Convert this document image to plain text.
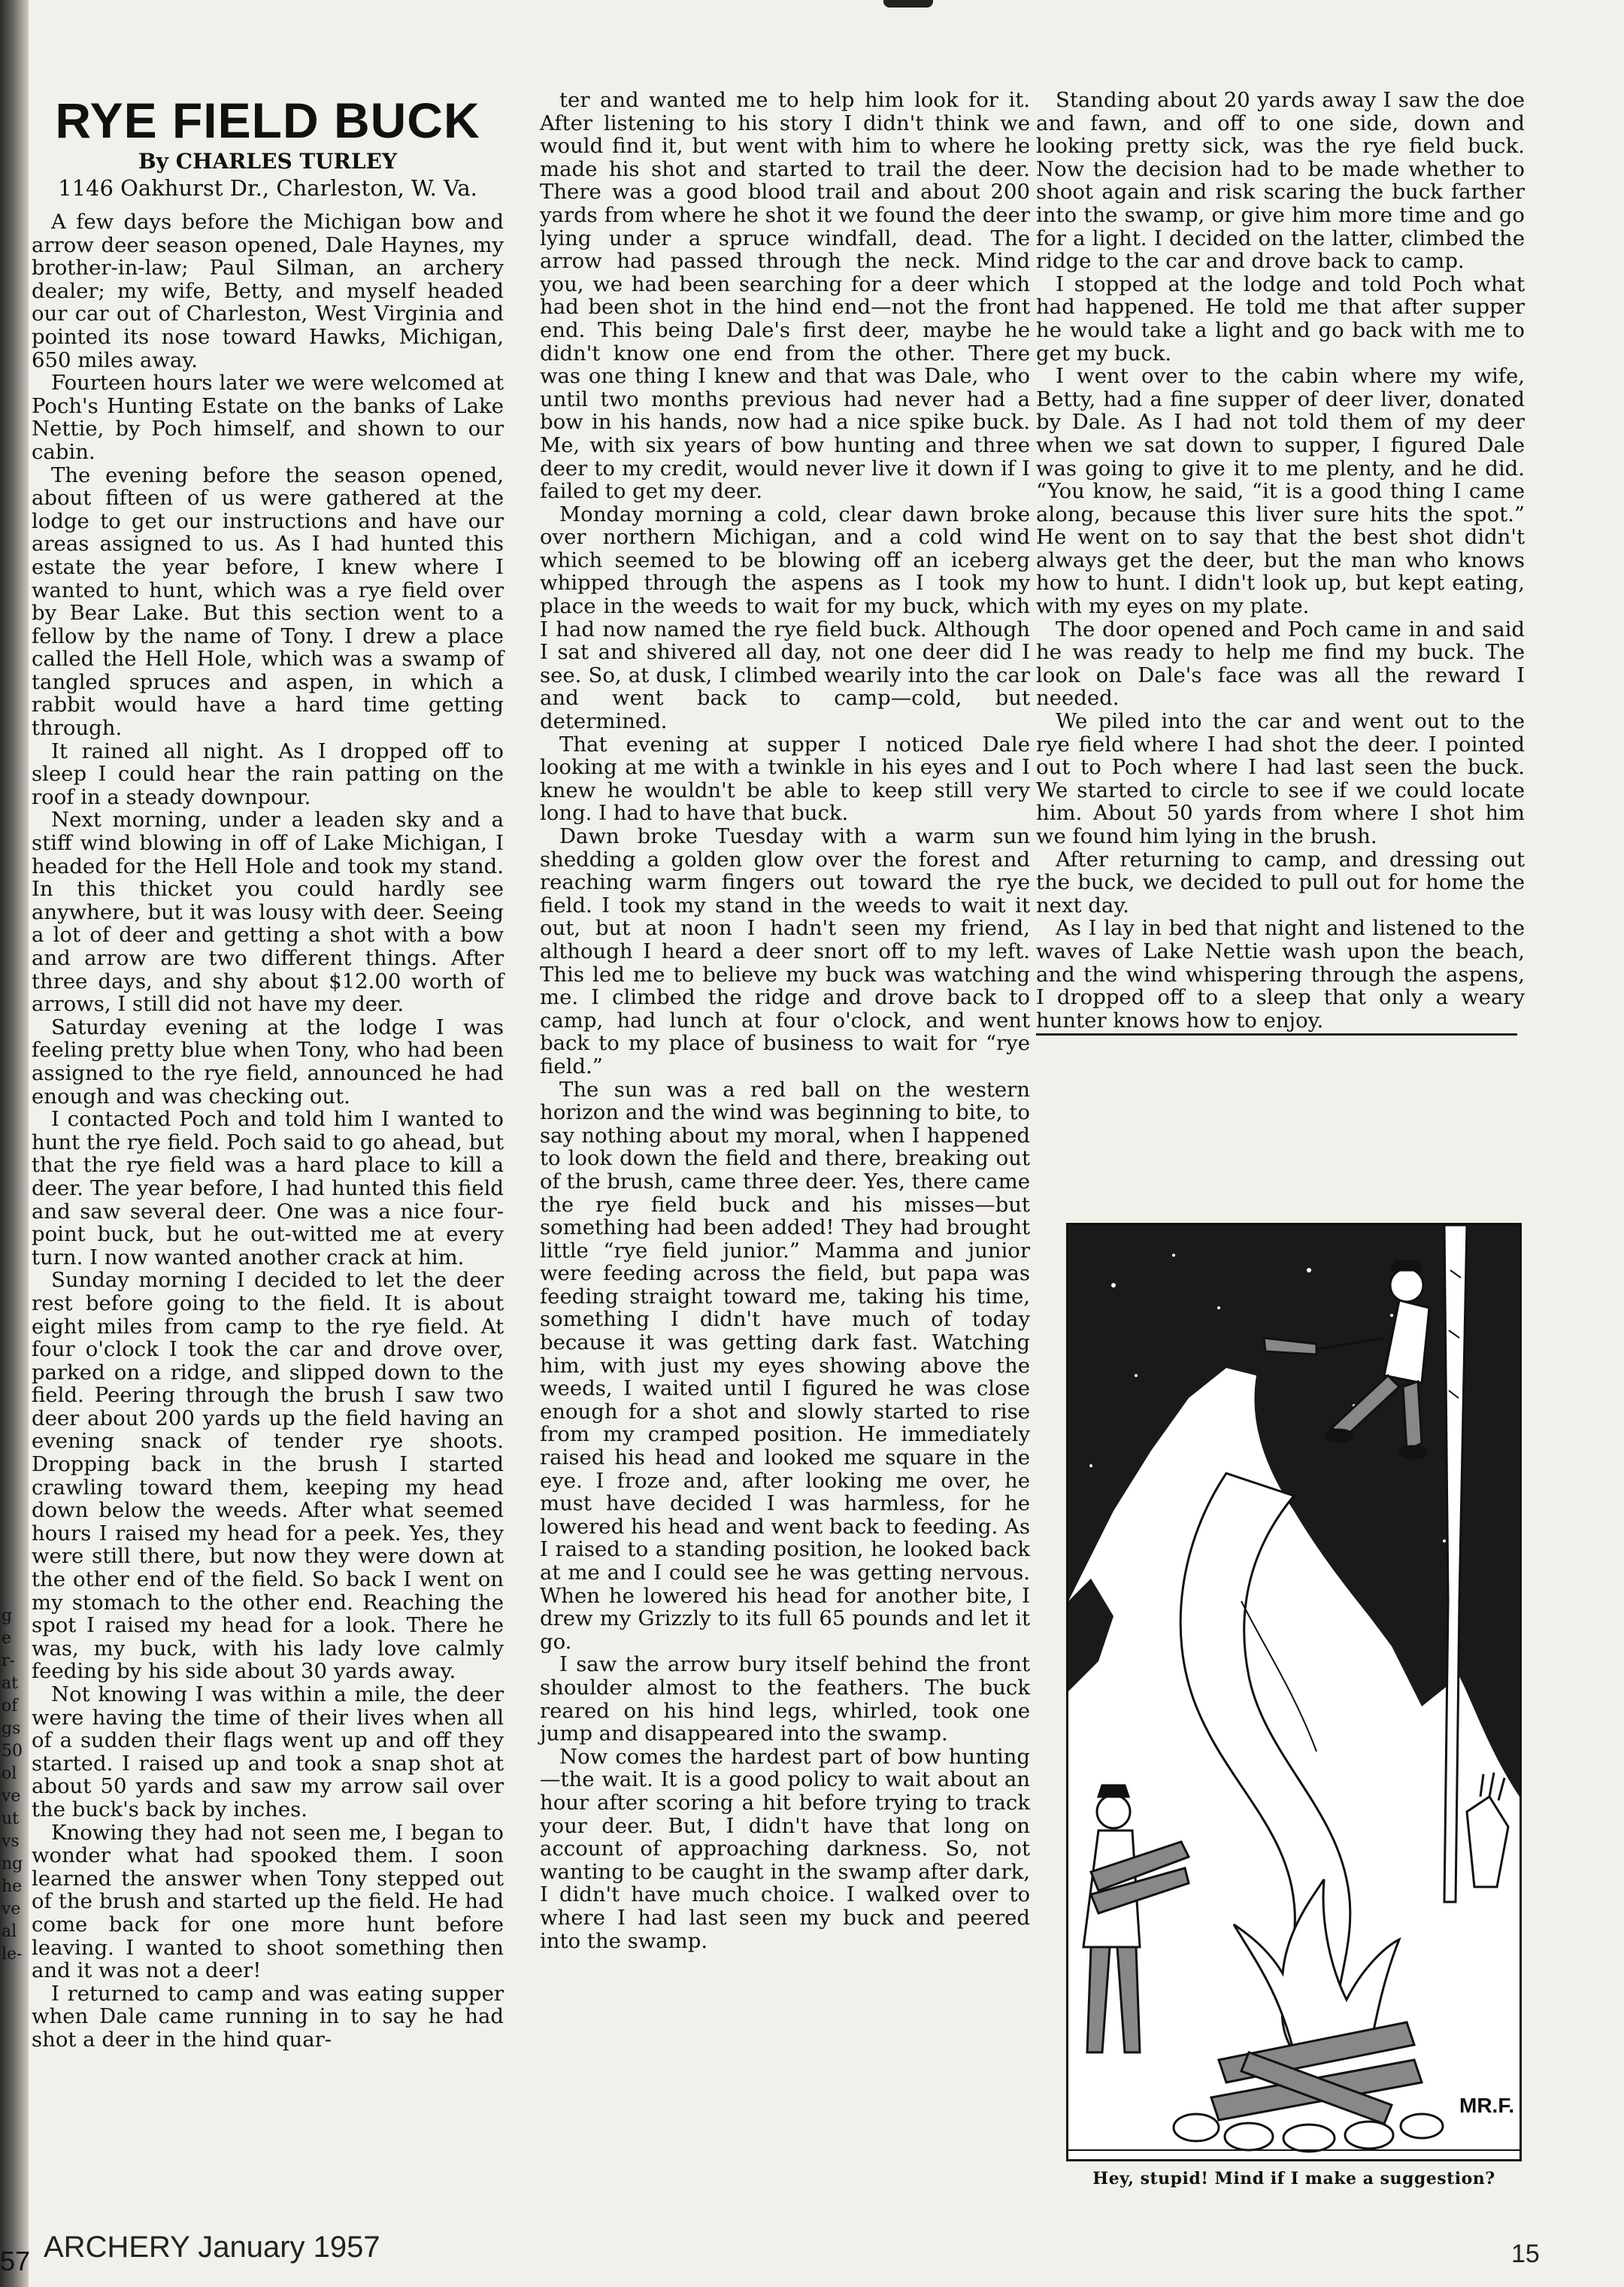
g
e
r-
at
of
gs
50
ol
ve
ut
vs
ng
he
ve
al
le-
57
RYE FIELD BUCK
By CHARLES TURLEY
1146 Oakhurst Dr., Charleston, W. Va.

A few days before the Michigan bow and arrow deer season opened, Dale Haynes, my brother-in-law; Paul Silman, an archery dealer; my wife, Betty, and myself headed our car out of Charleston, West Virginia and pointed its nose toward Hawks, Michigan, 650 miles away.

Fourteen hours later we were welcomed at Poch's Hunting Estate on the banks of Lake Nettie, by Poch himself, and shown to our cabin.

The evening before the season opened, about fifteen of us were gathered at the lodge to get our instructions and have our areas assigned to us. As I had hunted this estate the year before, I knew where I wanted to hunt, which was a rye field over by Bear Lake. But this section went to a fellow by the name of Tony. I drew a place called the Hell Hole, which was a swamp of tangled spruces and aspen, in which a rabbit would have a hard time getting through.

It rained all night. As I dropped off to sleep I could hear the rain patting on the roof in a steady downpour.

Next morning, under a leaden sky and a stiff wind blowing in off of Lake Michigan, I headed for the Hell Hole and took my stand. In this thicket you could hardly see anywhere, but it was lousy with deer. Seeing a lot of deer and getting a shot with a bow and arrow are two different things. After three days, and shy about $12.00 worth of arrows, I still did not have my deer.

Saturday evening at the lodge I was feeling pretty blue when Tony, who had been assigned to the rye field, announced he had enough and was checking out.

I contacted Poch and told him I wanted to hunt the rye field. Poch said to go ahead, but that the rye field was a hard place to kill a deer. The year before, I had hunted this field and saw several deer. One was a nice four-point buck, but he out-witted me at every turn. I now wanted another crack at him.

Sunday morning I decided to let the deer rest before going to the field. It is about eight miles from camp to the rye field. At four o'clock I took the car and drove over, parked on a ridge, and slipped down to the field. Peering through the brush I saw two deer about 200 yards up the field having an evening snack of tender rye shoots. Dropping back in the brush I started crawling toward them, keeping my head down below the weeds. After what seemed hours I raised my head for a peek. Yes, they were still there, but now they were down at the other end of the field. So back I went on my stomach to the other end. Reaching the spot I raised my head for a look. There he was, my buck, with his lady love calmly feeding by his side about 30 yards away.

Not knowing I was within a mile, the deer were having the time of their lives when all of a sudden their flags went up and off they started. I raised up and took a snap shot at about 50 yards and saw my arrow sail over the buck's back by inches.

Knowing they had not seen me, I began to wonder what had spooked them. I soon learned the answer when Tony stepped out of the brush and started up the field. He had come back for one more hunt before leaving. I wanted to shoot something then and it was not a deer!

I returned to camp and was eating supper when Dale came running in to say he had shot a deer in the hind quar-

ter and wanted me to help him look for it. After listening to his story I didn't think we would find it, but went with him to where he made his shot and started to trail the deer. There was a good blood trail and about 200 yards from where he shot it we found the deer lying under a spruce windfall, dead. The arrow had passed through the neck. Mind you, we had been searching for a deer which had been shot in the hind end—not the front end. This being Dale's first deer, maybe he didn't know one end from the other. There was one thing I knew and that was Dale, who until two months previous had never had a bow in his hands, now had a nice spike buck. Me, with six years of bow hunting and three deer to my credit, would never live it down if I failed to get my deer.

Monday morning a cold, clear dawn broke over northern Michigan, and a cold wind which seemed to be blowing off an iceberg whipped through the aspens as I took my place in the weeds to wait for my buck, which I had now named the rye field buck. Although I sat and shivered all day, not one deer did I see. So, at dusk, I climbed wearily into the car and went back to camp—cold, but determined.

That evening at supper I noticed Dale looking at me with a twinkle in his eyes and I knew he wouldn't be able to keep still very long. I had to have that buck.

Dawn broke Tuesday with a warm sun shedding a golden glow over the forest and reaching warm fingers out toward the rye field. I took my stand in the weeds to wait it out, but at noon I hadn't seen my friend, although I heard a deer snort off to my left. This led me to believe my buck was watching me. I climbed the ridge and drove back to camp, had lunch at four o'clock, and went back to my place of business to wait for “rye field.”

The sun was a red ball on the western horizon and the wind was beginning to bite, to say nothing about my moral, when I happened to look down the field and there, breaking out of the brush, came three deer. Yes, there came the rye field buck and his misses—but something had been added! They had brought little “rye field junior.” Mamma and junior were feeding across the field, but papa was feeding straight toward me, taking his time, something I didn't have much of today because it was getting dark fast. Watching him, with just my eyes showing above the weeds, I waited until I figured he was close enough for a shot and slowly started to rise from my cramped position. He immediately raised his head and looked me square in the eye. I froze and, after looking me over, he must have decided I was harmless, for he lowered his head and went back to feeding. As I raised to a standing position, he looked back at me and I could see he was getting nervous. When he lowered his head for another bite, I drew my Grizzly to its full 65 pounds and let it go.

I saw the arrow bury itself behind the front shoulder almost to the feathers. The buck reared on his hind legs, whirled, took one jump and disappeared into the swamp.

Now comes the hardest part of bow hunting—the wait. It is a good policy to wait about an hour after scoring a hit before trying to track your deer. But, I didn't have that long on account of approaching darkness. So, not wanting to be caught in the swamp after dark, I didn't have much choice. I walked over to where I had last seen my buck and peered into the swamp.

Standing about 20 yards away I saw the doe and fawn, and off to one side, down and looking pretty sick, was the rye field buck. Now the decision had to be made whether to shoot again and risk scaring the buck farther into the swamp, or give him more time and go for a light. I decided on the latter, climbed the ridge to the car and drove back to camp.

I stopped at the lodge and told Poch what had happened. He told me that after supper he would take a light and go back with me to get my buck.

I went over to the cabin where my wife, Betty, had a fine supper of deer liver, donated by Dale. As I had not told them of my deer when we sat down to supper, I figured Dale was going to give it to me plenty, and he did. “You know, he said, “it is a good thing I came along, because this liver sure hits the spot.” He went on to say that the best shot didn't always get the deer, but the man who knows how to hunt. I didn't look up, but kept eating, with my eyes on my plate.

The door opened and Poch came in and said he was ready to help me find my buck. The look on Dale's face was all the reward I needed.

We piled into the car and went out to the rye field where I had shot the deer. I pointed out to Poch where I had last seen the buck. We started to circle to see if we could locate him. About 50 yards from where I shot him we found him lying in the brush.

After returning to camp, and dressing out the buck, we decided to pull out for home the next day.

As I lay in bed that night and listened to the waves of Lake Nettie wash upon the beach, and the wind whispering through the aspens, I dropped off to a sleep that only a weary hunter knows how to enjoy.

MR.F.
Hey, stupid! Mind if I make a suggestion?
ARCHERY January 1957	15
